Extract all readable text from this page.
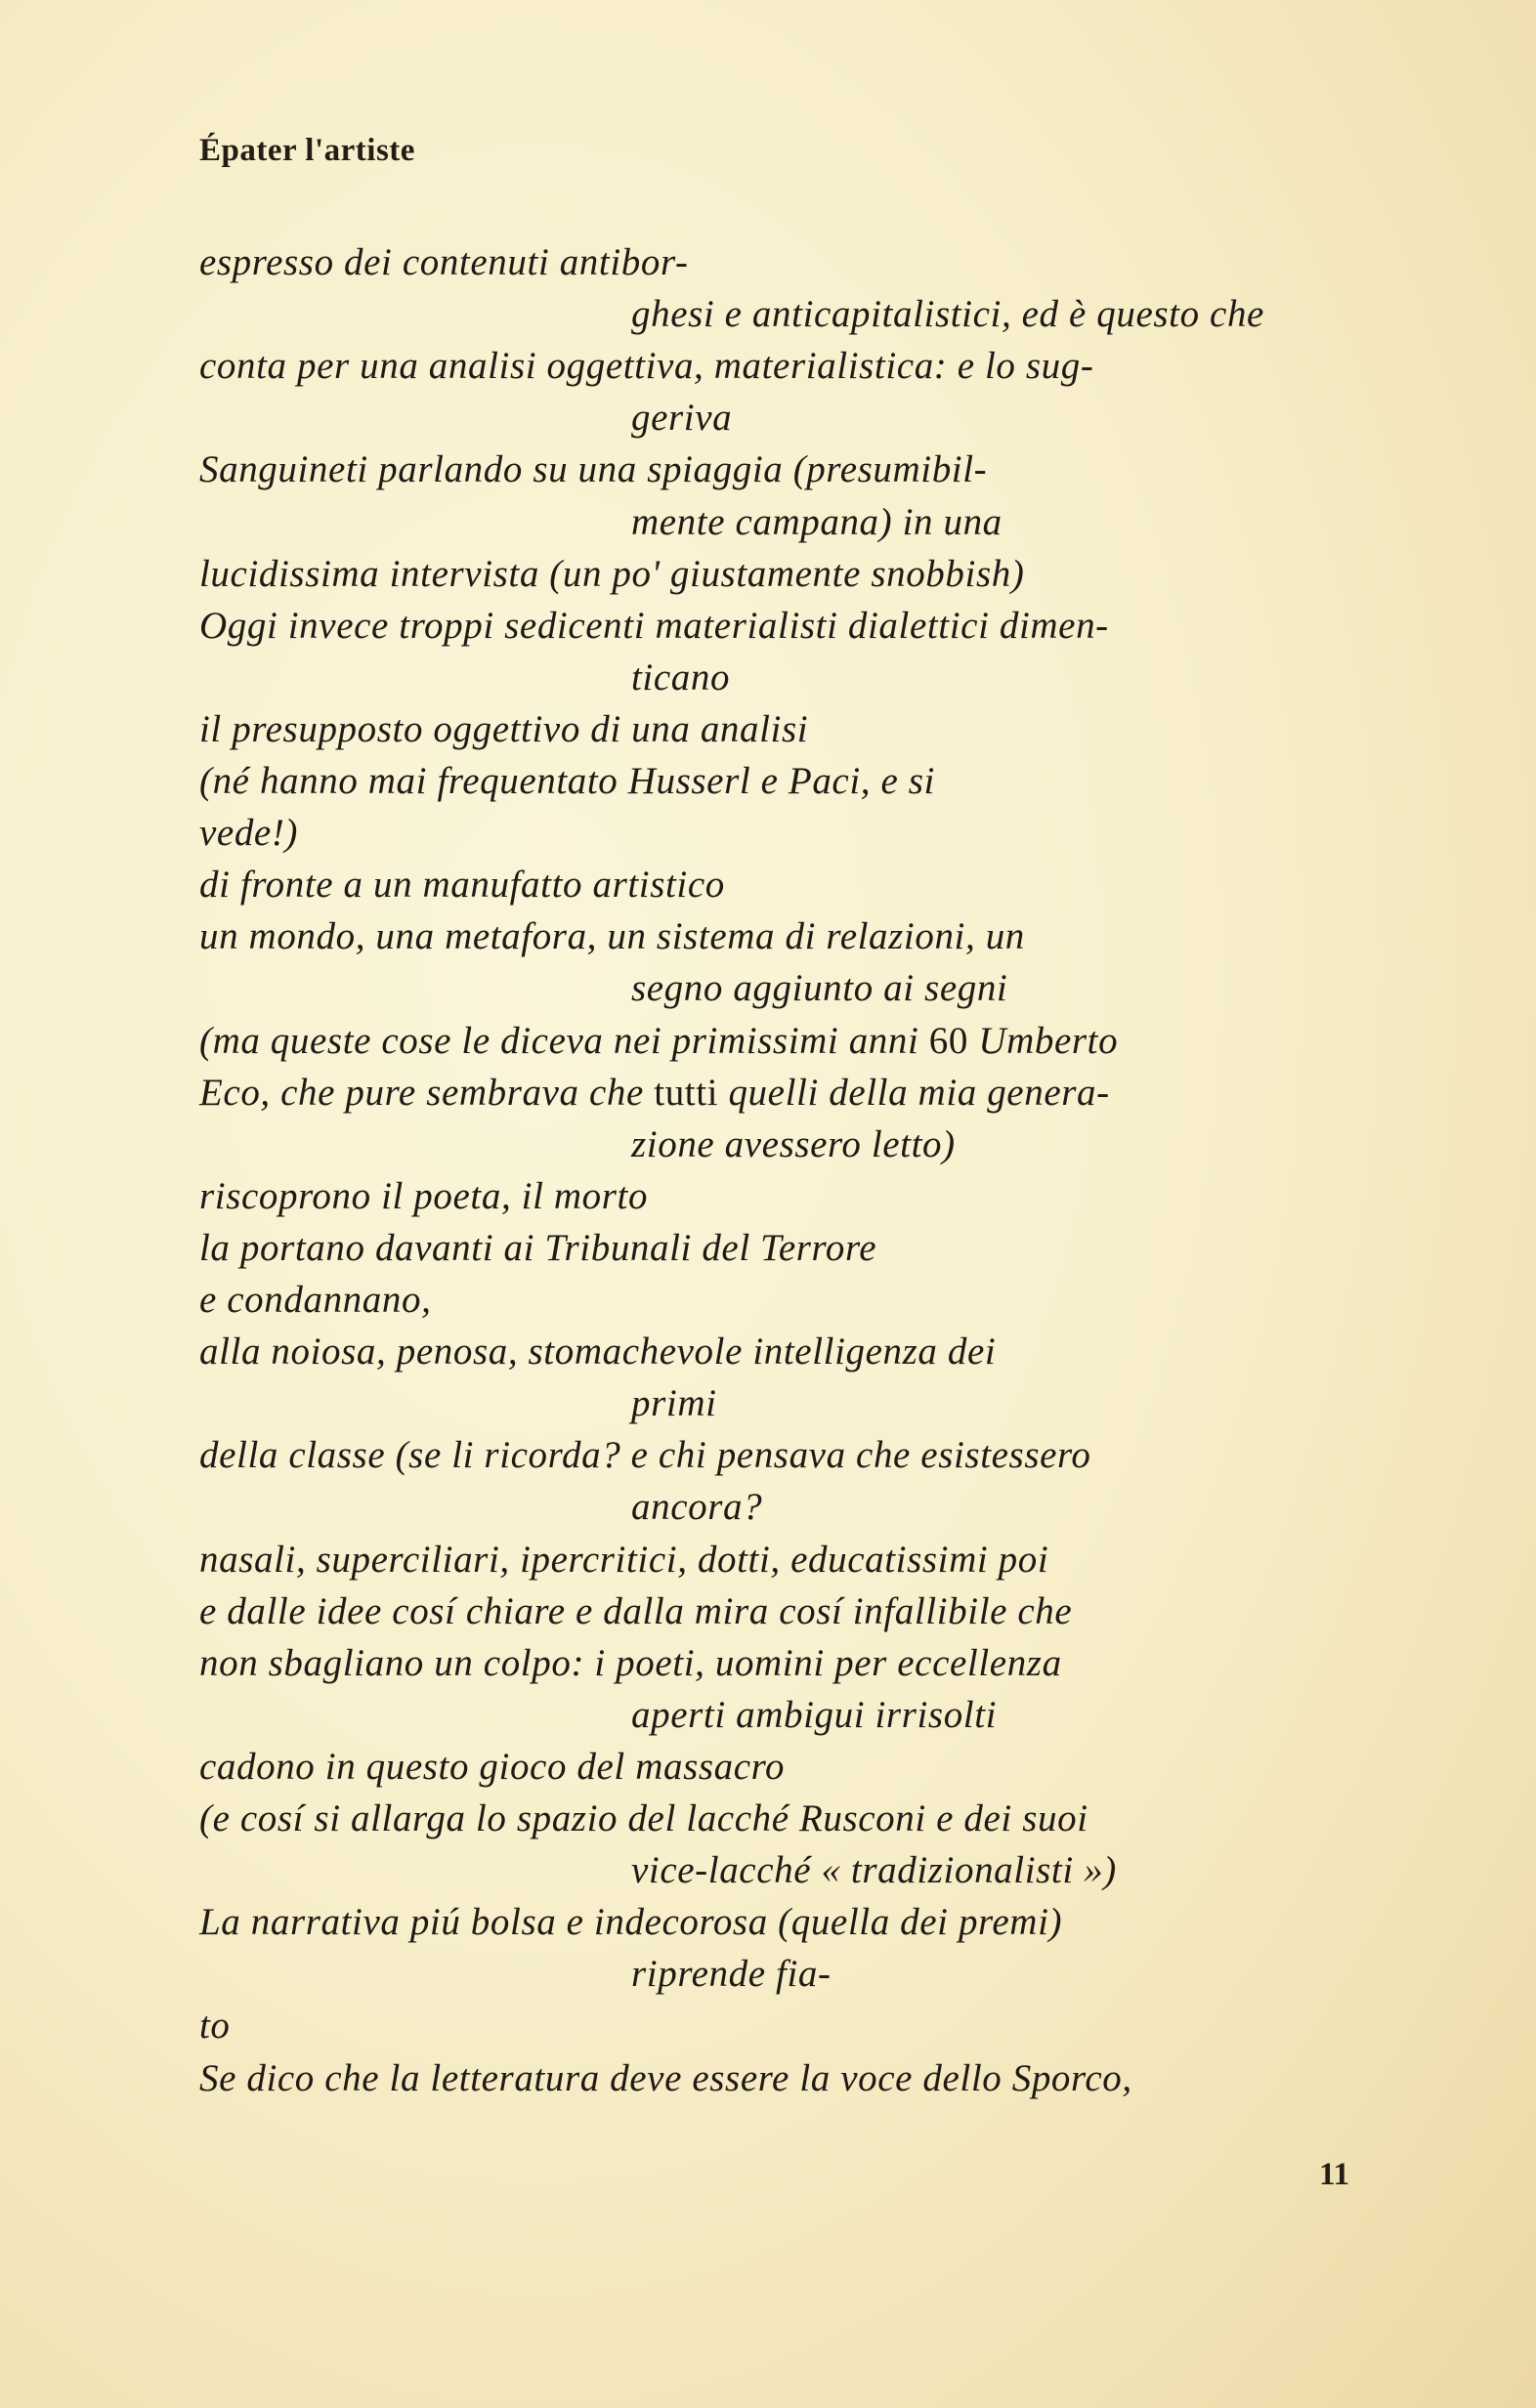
Épater l'artiste
espresso dei contenuti antibor-
ghesi e anticapitalistici, ed è questo che
conta per una analisi oggettiva, materialistica: e lo sug-
geriva
Sanguineti parlando su una spiaggia (presumibil-
mente campana) in una
lucidissima intervista (un po' giustamente snobbish)
Oggi invece troppi sedicenti materialisti dialettici dimen-
ticano
il presupposto oggettivo di una analisi
(né hanno mai frequentato Husserl e Paci, e si
vede!)
di fronte a un manufatto artistico
un mondo, una metafora, un sistema di relazioni, un
segno aggiunto ai segni
(ma queste cose le diceva nei primissimi anni 60 Umberto
Eco, che pure sembrava che tutti quelli della mia genera-
zione avessero letto)
riscoprono il poeta, il morto
la portano davanti ai Tribunali del Terrore
e condannano,
alla noiosa, penosa, stomachevole intelligenza dei
primi
della classe (se li ricorda? e chi pensava che esistessero
ancora?
nasali, superciliari, ipercritici, dotti, educatissimi poi
e dalle idee cosí chiare e dalla mira cosí infallibile che
non sbagliano un colpo: i poeti, uomini per eccellenza
aperti ambigui irrisolti
cadono in questo gioco del massacro
(e cosí si allarga lo spazio del lacché Rusconi e dei suoi
vice-lacché « tradizionalisti »)
La narrativa piú bolsa e indecorosa (quella dei premi)
riprende fia-
to
Se dico che la letteratura deve essere la voce dello Sporco,
11
